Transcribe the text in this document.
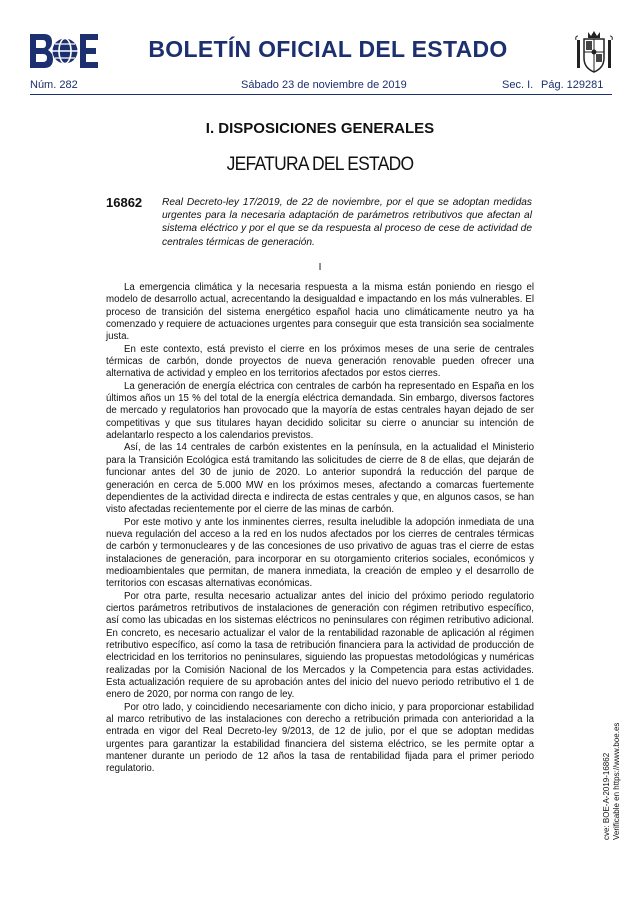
BOLETÍN OFICIAL DEL ESTADO
Núm. 282	Sábado 23 de noviembre de 2019	Sec. I. Pág. 129281
I. DISPOSICIONES GENERALES
JEFATURA DEL ESTADO
16862 Real Decreto-ley 17/2019, de 22 de noviembre, por el que se adoptan medidas urgentes para la necesaria adaptación de parámetros retributivos que afectan al sistema eléctrico y por el que se da respuesta al proceso de cese de actividad de centrales térmicas de generación.
I

La emergencia climática y la necesaria respuesta a la misma están poniendo en riesgo el modelo de desarrollo actual, acrecentando la desigualdad e impactando en los más vulnerables. El proceso de transición del sistema energético español hacia uno climáticamente neutro ya ha comenzado y requiere de actuaciones urgentes para conseguir que esta transición sea socialmente justa.

En este contexto, está previsto el cierre en los próximos meses de una serie de centrales térmicas de carbón, donde proyectos de nueva generación renovable pueden ofrecer una alternativa de actividad y empleo en los territorios afectados por estos cierres.

La generación de energía eléctrica con centrales de carbón ha representado en España en los últimos años un 15 % del total de la energía eléctrica demandada. Sin embargo, diversos factores de mercado y regulatorios han provocado que la mayoría de estas centrales hayan dejado de ser competitivas y que sus titulares hayan decidido solicitar su cierre o anunciar su intención de adelantarlo respecto a los calendarios previstos.

Así, de las 14 centrales de carbón existentes en la península, en la actualidad el Ministerio para la Transición Ecológica está tramitando las solicitudes de cierre de 8 de ellas, que dejarán de funcionar antes del 30 de junio de 2020. Lo anterior supondrá la reducción del parque de generación en cerca de 5.000 MW en los próximos meses, afectando a comarcas fuertemente dependientes de la actividad directa e indirecta de estas centrales y que, en algunos casos, se han visto afectadas recientemente por el cierre de las minas de carbón.

Por este motivo y ante los inminentes cierres, resulta ineludible la adopción inmediata de una nueva regulación del acceso a la red en los nudos afectados por los cierres de centrales térmicas de carbón y termonucleares y de las concesiones de uso privativo de aguas tras el cierre de estas instalaciones de generación, para incorporar en su otorgamiento criterios sociales, económicos y medioambientales que permitan, de manera inmediata, la creación de empleo y el desarrollo de territorios con escasas alternativas económicas.

Por otra parte, resulta necesario actualizar antes del inicio del próximo periodo regulatorio ciertos parámetros retributivos de instalaciones de generación con régimen retributivo específico, así como las ubicadas en los sistemas eléctricos no peninsulares con régimen retributivo adicional. En concreto, es necesario actualizar el valor de la rentabilidad razonable de aplicación al régimen retributivo específico, así como la tasa de retribución financiera para la actividad de producción de electricidad en los territorios no peninsulares, siguiendo las propuestas metodológicas y numéricas realizadas por la Comisión Nacional de los Mercados y la Competencia para estas actividades. Esta actualización requiere de su aprobación antes del inicio del nuevo periodo retributivo el 1 de enero de 2020, por norma con rango de ley.

Por otro lado, y coincidiendo necesariamente con dicho inicio, y para proporcionar estabilidad al marco retributivo de las instalaciones con derecho a retribución primada con anterioridad a la entrada en vigor del Real Decreto-ley 9/2013, de 12 de julio, por el que se adoptan medidas urgentes para garantizar la estabilidad financiera del sistema eléctrico, se les permite optar a mantener durante un periodo de 12 años la tasa de rentabilidad fijada para el primer periodo regulatorio.	cve: BOE-A-2019-16862 Verificable en https://www.boe.es
